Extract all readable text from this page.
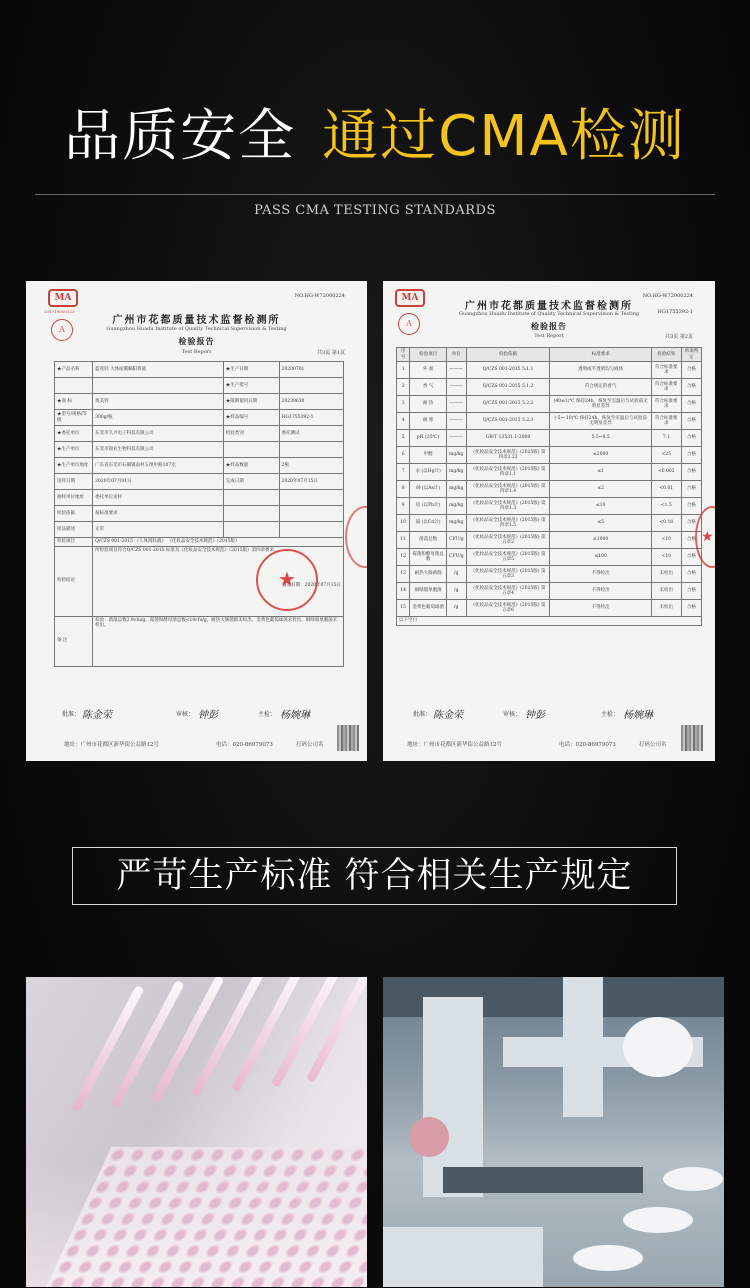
品质安全 通过CMA检测
PASS CMA TESTING STANDARDS
MA
201719000123
Ａ
NO.HG-W72000224
广州市花都质量技术监督检测所
Guangzhou Huadu Institute of Quality Technical Supervision & Testing
检验报告
Test Report	共3页 第1页
★产品名称	蓝莲轻 大体面膜蜗阳将液	★生产日期	20200701
		★生产批号	
★商 标	奥美特	★限期使用日期	20230630
★型号/规格/等级	300g/瓶	★样品编号	HG1755392-1
★委托单位	东莞市久兴电子科技有限公司	检验类别	委托测试
★生产单位	东莞市锦业生物科技有限公司		
★生产单位地址	广东省东莞市石碣镇南村五组中路107室	★样品数量	2瓶
送样日期	2020年07月01日	完成日期	2020年07月15日
抽样单位地址	委托单位送样		
检验依据	按标准要求		
样品描述	正常		
检验项目	Q/CZS 001-2015 《人体润肤液》 《化妆品安全技术规范》（2015版）		
检验结论	所检验项目符合Q/CZS 001-2015 标准及《化妆品安全技术规范》（2015版）第四章要求。
签发日期：2020年07月15日		

备 注	检验：菌落总数2.9cfu/g，霉菌和酵母菌总数<10cfu/g，耐热大肠菌群未检出，金黄色葡萄球菌未检出，铜绿假单胞菌未检出。		
★
批准： 陈金荣	审核： 钟彭	主检： 杨婉琳
地址：广州市花都区新华街公益路12号	电话：020-86979073	打码公司名
MA
Ａ
NO.HG-W72000224
HG1755392-1
广州市花都质量技术监督检测所
Guangzhou Huadu Institute of Quality Technical Supervision & Testing
检验报告
Test Report	共3页 第2页
序号	检验项目	单位	检验依据	标准要求	检验结果	单项判定
1	外 观	———	Q/CZS 001-2015 5.1.1	透明或半透明均匀液体	符合标准要求	合格
2	香 气	———	Q/CZS 001-2015 5.1.2	符合规定的香气	符合标准要求	合格
3	耐 热	———	Q/CZS 001-2015 5.2.2	(40±1)℃ 保持24h，恢复至室温后与试验前无明显差异	符合标准要求	合格
4	耐 寒	———	Q/CZS 001-2015 5.2.3	(-5~-10)℃ 保持24h，恢复至室温后与试验前无明显差异	符合标准要求	合格
5	pH (25℃)	———	GB/T 13531.1-2008	5.5~8.5	7.1	合格
6	甲醇	mg/kg	《化妆品安全技术规范》(2015版) 第四章2.22	≤2000	<25	合格
7	汞 (以Hg计)	mg/kg	《化妆品安全技术规范》(2015版) 第四章1.1	≤1	<0.002	合格
8	砷 (以As计)	mg/kg	《化妆品安全技术规范》(2015版) 第四章1.4	≤2	<0.01	合格
9	铅 (以Pb计)	mg/kg	《化妆品安全技术规范》(2015版) 第四章1.3	≤10	<1.5	合格
10	镉 (以Cd计)	mg/kg	《化妆品安全技术规范》(2015版) 第四章1.5	≤5	<0.18	合格
11	菌落总数	CFU/g	《化妆品安全技术规范》(2015版) 第五章2	≤1000	<10	合格
12	霉菌和酵母菌总数	CFU/g	《化妆品安全技术规范》(2015版) 第五章5	≤100	<10	合格
13	耐热大肠菌群	/g	《化妆品安全技术规范》(2015版) 第五章3	不得检出	未检出	合格
14	铜绿假单胞菌	/g	《化妆品安全技术规范》(2015版) 第五章4	不得检出	未检出	合格
15	金黄色葡萄球菌	/g	《化妆品安全技术规范》(2015版) 第五章6	不得检出	未检出	合格
以下空白						
★
批准： 陈金荣	审核： 钟彭	主检： 杨婉琳
地址：广州市花都区新华街公益路12号	电话：020-86979073	打码公司名
严苛生产标准 符合相关生产规定
